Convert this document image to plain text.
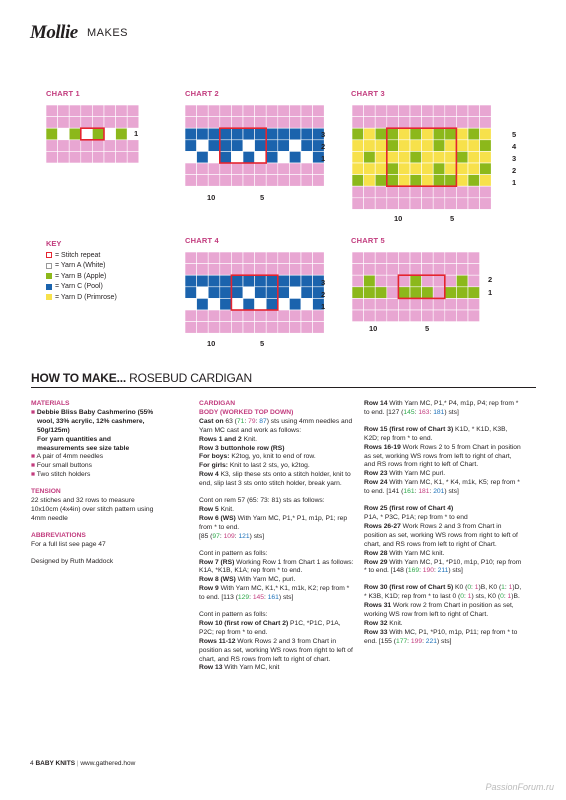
Mollie MAKES
CHART 1	CHART 2	CHART 3
CHART 4	CHART 5
1	3
2
1
10	5
5
4
3
2
1
10	5
3
2
1
10	5
2
1
10	5
KEY
= Stitch repeat
= Yarn A (White)
= Yarn B (Apple)
= Yarn C (Pool)
= Yarn D (Primrose)
HOW TO MAKE... ROSEBUD CARDIGAN

MATERIALS

■ Debbie Bliss Baby Cashmerino (55% wool, 33% acrylic, 12% cashmere, 50g/125m)

For yarn quantities and measurements see size table

■ A pair of 4mm needles

■ Four small buttons

■ Two stitch holders

TENSION

22 stiches and 32 rows to measure 10x10cm (4x4in) over stitch pattern using 4mm needle

ABBREVIATIONS

For a full list see page 47

Designed by Ruth Maddock

CARDIGAN

BODY (WORKED TOP DOWN)

Cast on 63 (71: 79: 87) sts using 4mm needles and Yarn MC cast and work as follows:

Rows 1 and 2 Knit.

Row 3 buttonhole row (RS)

For boys: K2tog, yo, knit to end of row.

For girls: Knit to last 2 sts, yo, k2tog.

Row 4 K3, slip these sts onto a stitch holder, knit to end, slip last 3 sts onto stitch holder, break yarn.

Cont on rem 57 (65: 73: 81) sts as follows:

Row 5 Knit.

Row 6 (WS) With Yarn MC, P1,* P1, m1p, P1; rep from * to end.

[85 (97: 109: 121) sts]

Cont in pattern as folls:

Row 7 (RS) Working Row 1 from Chart 1 as follows: K1A, *K1B, K1A; rep from * to end.

Row 8 (WS) With Yarn MC, purl.

Row 9 With Yarn MC, K1,* K1, m1k, K2; rep from * to end. [113 (129: 145: 161) sts]

Cont in pattern as folls:

Row 10 (first row of Chart 2) P1C, *P1C, P1A, P2C; rep from * to end.

Rows 11-12 Work Rows 2 and 3 from Chart in position as set, working WS rows from right to left of chart, and RS rows from left to right of chart.

Row 13 With Yarn MC, knit

Row 14 With Yarn MC, P1,* P4, m1p, P4; rep from * to end. [127 (145: 163: 181) sts]

Row 15 (first row of Chart 3) K1D, * K1D, K3B, K2D; rep from * to end.

Rows 16-19 Work Rows 2 to 5 from Chart in position as set, working WS rows from left to right of chart, and RS rows from right to left of Chart.

Row 23 With Yarn MC purl.

Row 24 With Yarn MC, K1, * K4, m1k, K5; rep from * to end. [141 (161: 181: 201) sts]

Row 25 (first row of Chart 4)

P1A, * P3C, P1A; rep from * to end

Rows 26-27 Work Rows 2 and 3 from Chart in position as set, working WS rows from right to left of chart, and RS rows from left to right of Chart.

Row 28 With Yarn MC knit.

Row 29 With Yarn MC, P1, *P10, m1p, P10; rep from * to end. [148 (169: 190: 211) sts]

Row 30 (first row of Chart 5) K0 (0: 1)B, K0 (1: 1)D, * K3B, K1D; rep from * to last 0 (0: 1) sts, K0 (0: 1)B.

Rows 31 Work row 2 from Chart in position as set, working WS row from left to right of Chart.

Row 32 Knit.

Row 33 With MC, P1, *P10, m1p, P11; rep from * to end. [155 (177: 199: 221) sts]

4 BABY KNITS | www.gathered.how
PassionForum.ru
